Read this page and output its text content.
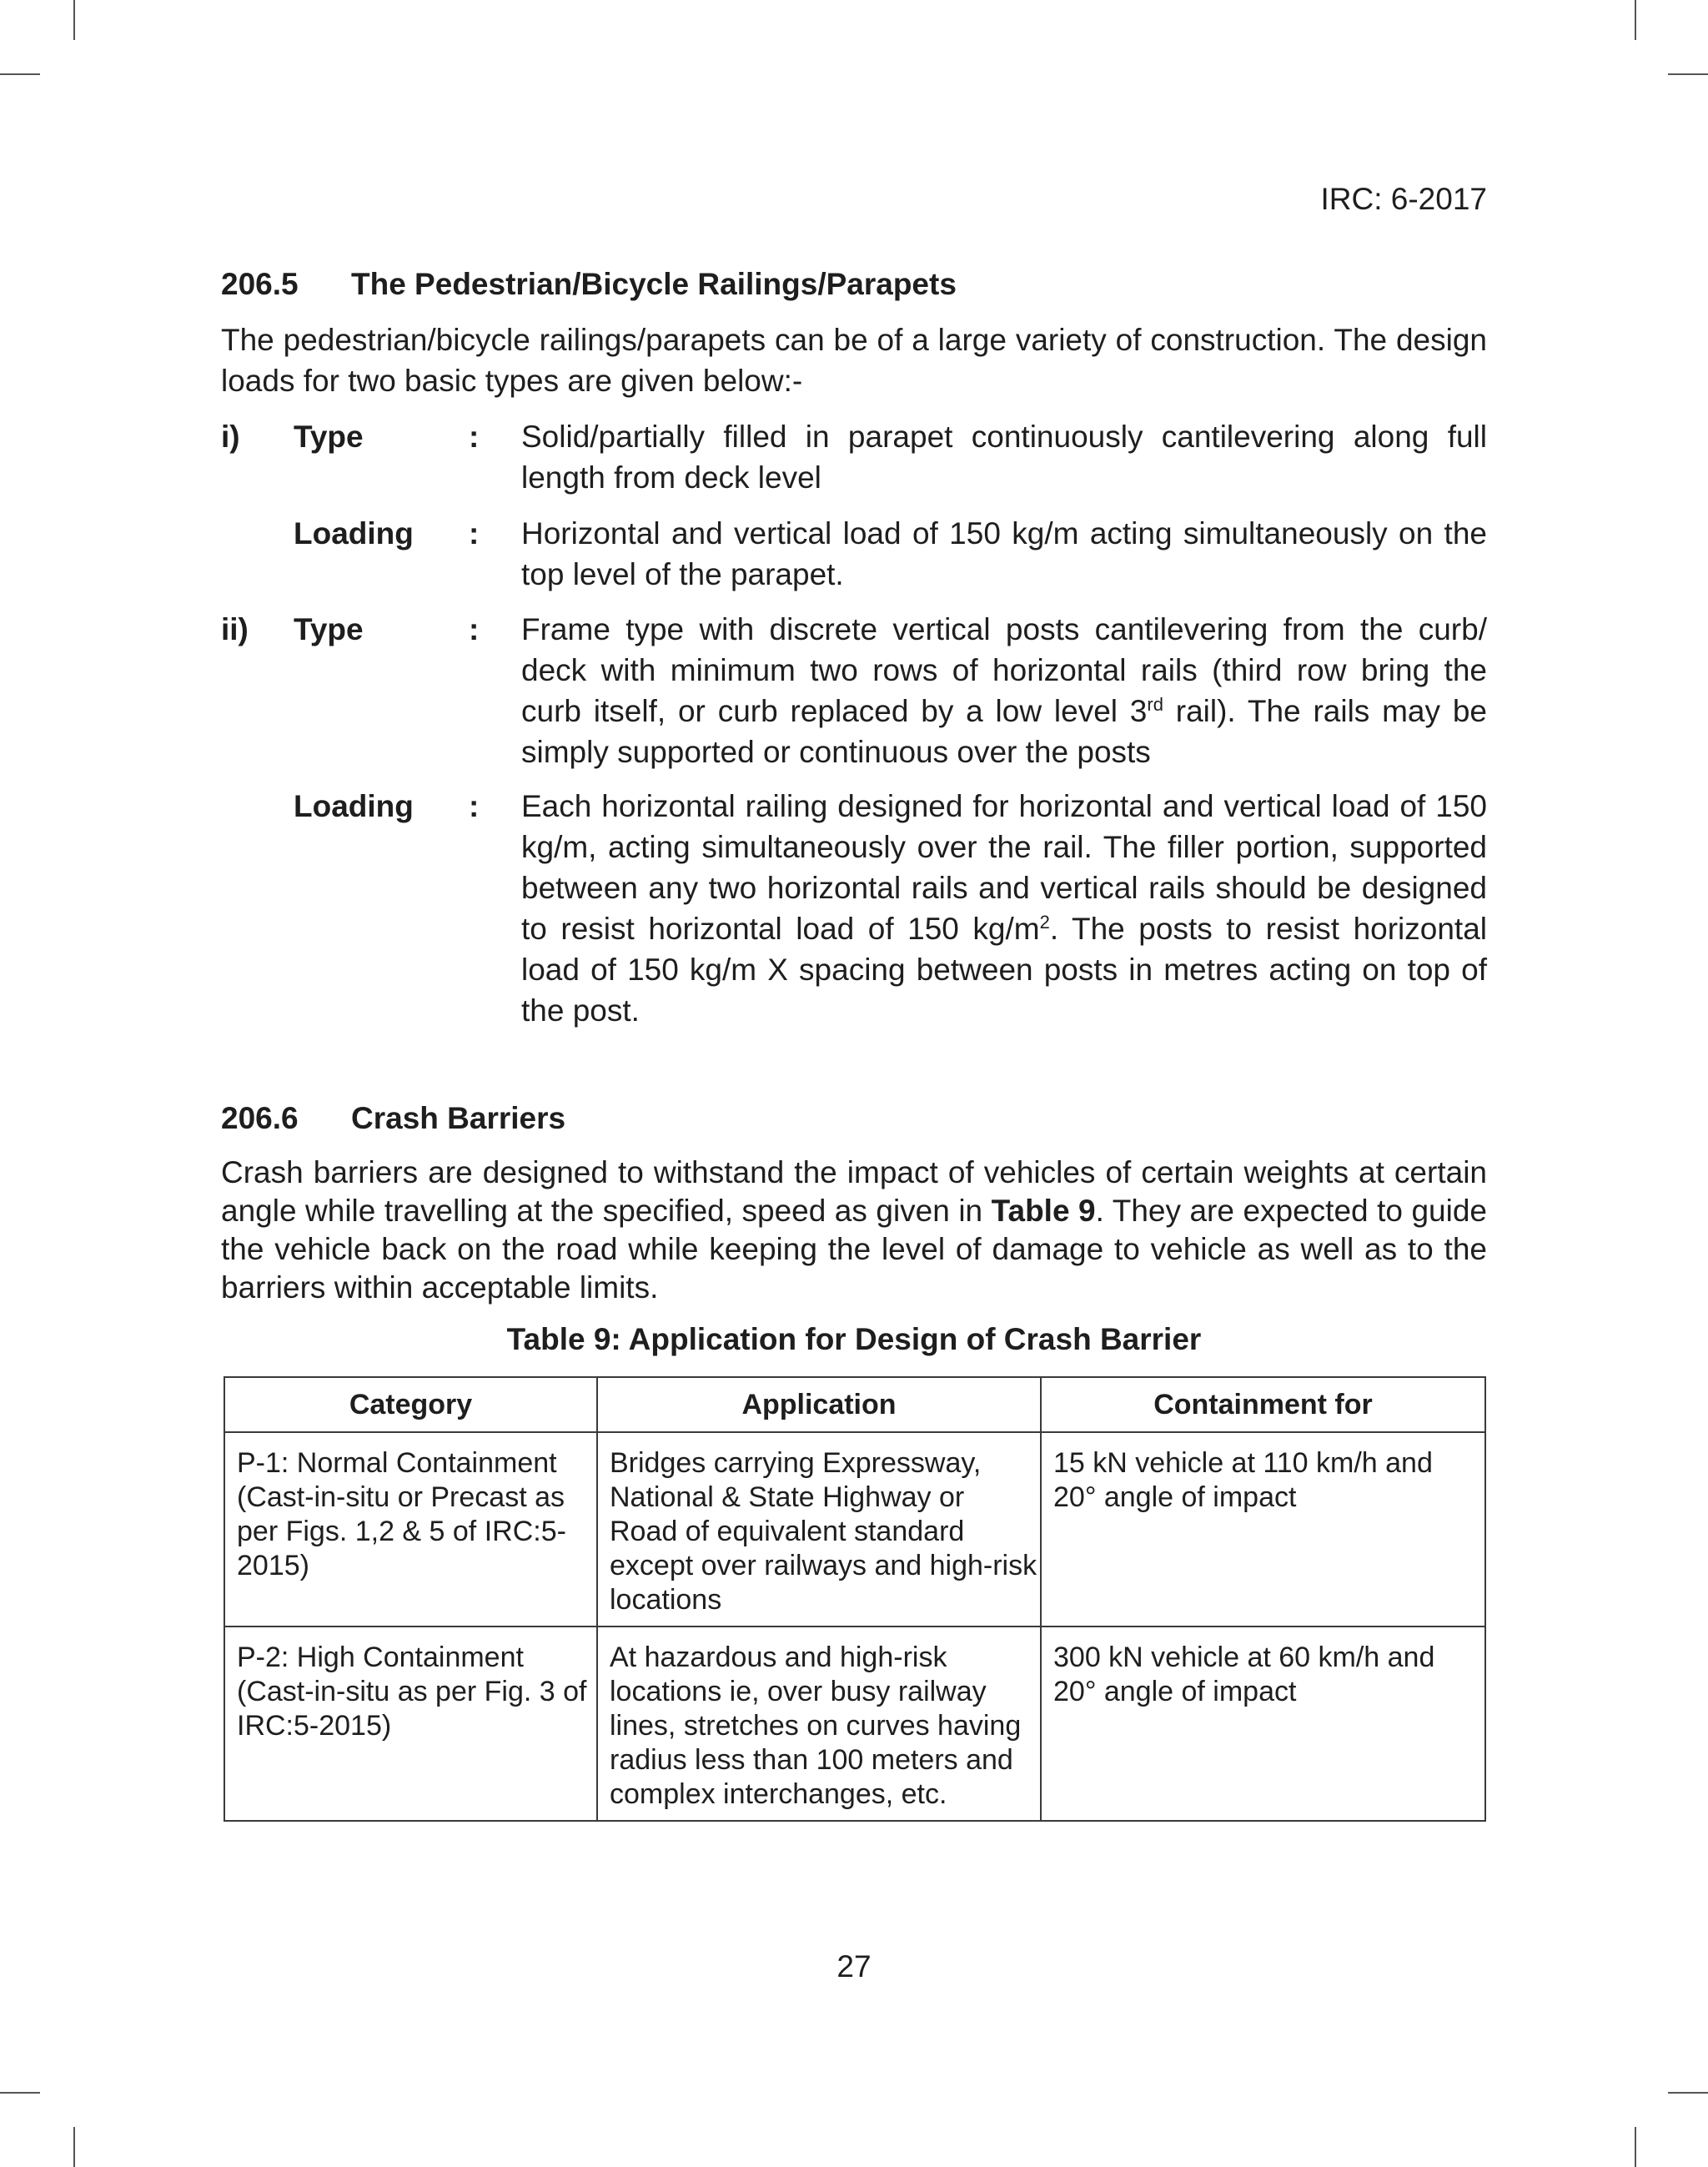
IRC: 6-2017
206.5 The Pedestrian/Bicycle Railings/Parapets
The pedestrian/bicycle railings/parapets can be of a large variety of construction. The design loads for two basic types are given below:-
i) Type	: Solid/partially filled in parapet continuously cantilevering along full length from deck level
Loading : Horizontal and vertical load of 150 kg/m acting simultaneously on the top level of the parapet.
ii) Type	: Frame type with discrete vertical posts cantilevering from the curb/ deck with minimum two rows of horizontal rails (third row bring the curb itself, or curb replaced by a low level 3rd rail). The rails may be simply supported or continuous over the posts
Loading : Each horizontal railing designed for horizontal and vertical load of 150 kg/m, acting simultaneously over the rail. The filler portion, supported between any two horizontal rails and vertical rails should be designed to resist horizontal load of 150 $kg/m^2$. The posts to resist horizontal load of 150 kg/m X spacing between posts in metres acting on top of the post.
206.6 Crash Barriers
Crash barriers are designed to withstand the impact of vehicles of certain weights at certain angle while travelling at the specified, speed as given in Table 9. They are expected to guide the vehicle back on the road while keeping the level of damage to vehicle as well as to the barriers within acceptable limits.
Table 9: Application for Design of Crash Barrier
Category	Application	Containment for
P-1: Normal Containment (Cast-in-situ or Precast as per Figs. 1,2 & 5 of IRC:5-2015)	Bridges carrying Expressway, National & State Highway or Road of equivalent standard except over railways and high-risk locations	15 kN vehicle at 110 km/h and 20° angle of impact
P-2: High Containment (Cast-in-situ as per Fig. 3 of IRC:5-2015)	At hazardous and high-risk locations ie, over busy railway lines, stretches on curves having radius less than 100 meters and complex interchanges, etc.	300 kN vehicle at 60 km/h and 20° angle of impact
27
